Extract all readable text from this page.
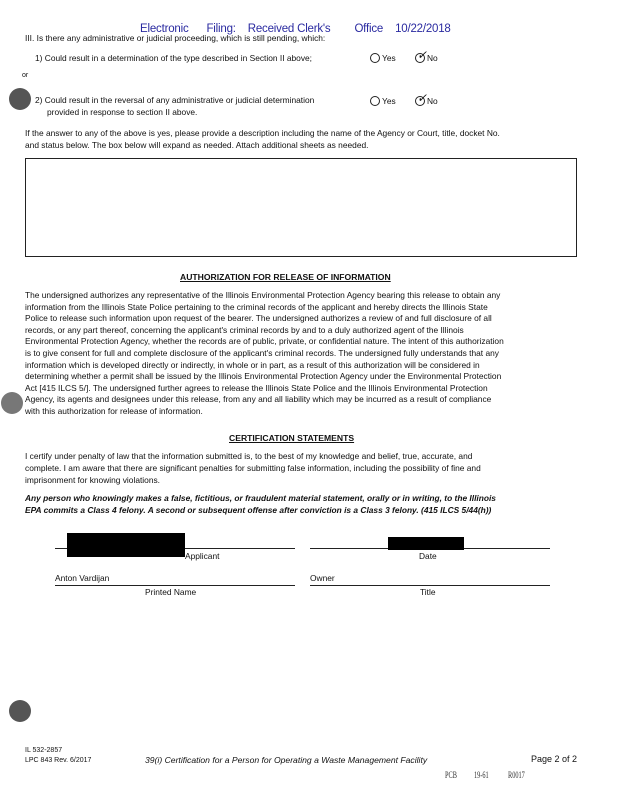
Electronic Filing: Received Clerk's Office 10/22/2018
III. Is there any administrative or judicial proceeding, which is still pending, which:
1) Could result in a determination of the type described in Section II above;	Yes ✓ No
or
2) Could result in the reversal of any administrative or judicial determination
provided in response to section II above.
Yes ✓ No
If the answer to any of the above is yes, please provide a description including the name of the Agency or Court, title, docket No.
and status below. The box below will expand as needed. Attach additional sheets as needed.
AUTHORIZATION FOR RELEASE OF INFORMATION
The undersigned authorizes any representative of the Illinois Environmental Protection Agency bearing this release to obtain any
information from the Illinois State Police pertaining to the criminal records of the applicant and hereby directs the Illinois State
Police to release such information upon request of the bearer. The undersigned authorizes a review of and full disclosure of all
records, or any part thereof, concerning the applicant's criminal records by and to a duly authorized agent of the Illinois
Environmental Protection Agency, whether the records are of public, private, or confidential nature. The intent of this authorization
is to give consent for full and complete disclosure of the applicant's criminal records. The undersigned fully understands that any
information which is developed directly or indirectly, in whole or in part, as a result of this authorization will be considered in
determining whether a permit shall be issued by the Illinois Environmental Protection Agency under the Environmental Protection
Act [415 ILCS 5/]. The undersigned further agrees to release the Illinois State Police and the Illinois Environmental Protection
Agency, its agents and designees under this release, from any and all liability which may be incurred as a result of compliance
with this authorization for release of information.
CERTIFICATION STATEMENTS
I certify under penalty of law that the information submitted is, to the best of my knowledge and belief, true, accurate, and
complete. I am aware that there are significant penalties for submitting false information, including the possibility of fine and
imprisonment for knowing violations.
Any person who knowingly makes a false, fictitious, or fraudulent material statement, orally or in writing, to the Illinois
EPA commits a Class 4 felony. A second or subsequent offense after conviction is a Class 3 felony. (415 ILCS 5/44(h))
Applicant	Date
Anton Vardijan	Owner
Printed Name	Title
IL 532-2857
LPC 843 Rev. 6/2017	39(i) Certification for a Person for Operating a Waste Management Facility	Page 2 of 2
PCB 19-61 R0017
